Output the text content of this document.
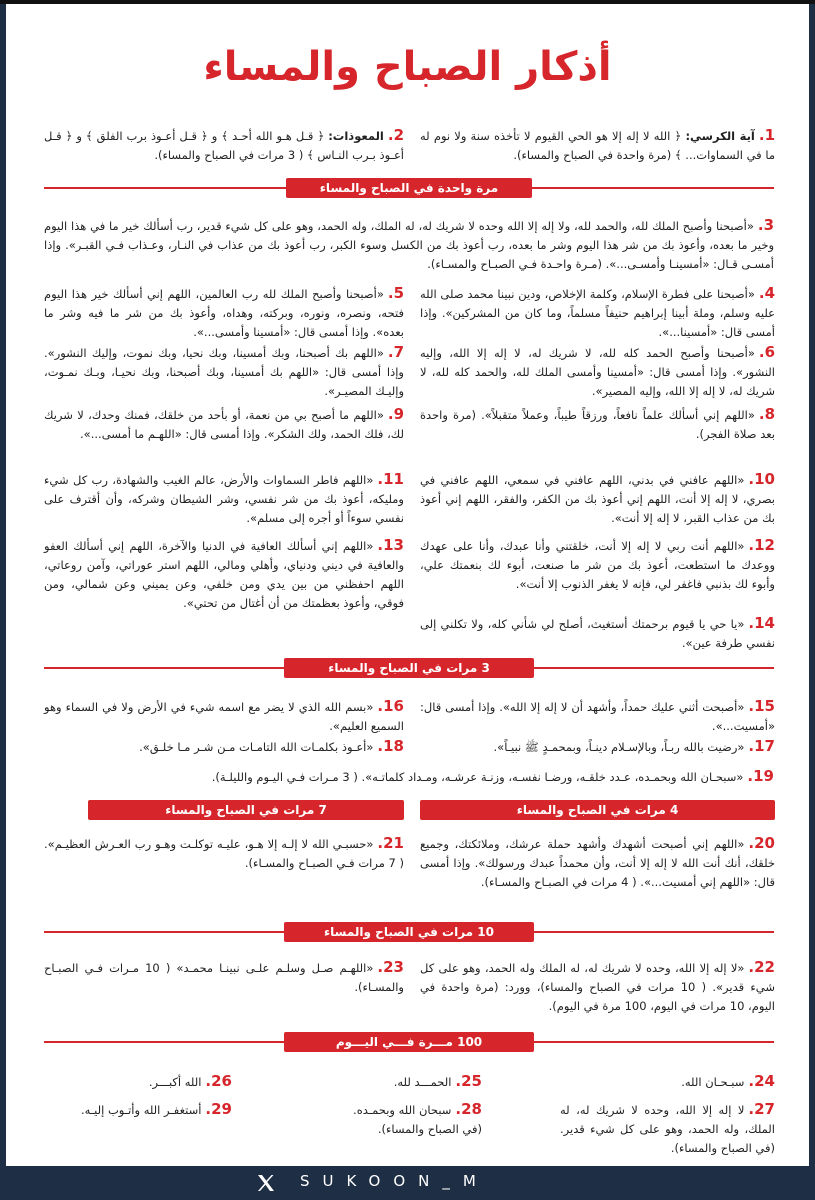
أذكار الصباح والمساء
1.آية الكرسي: ﴿ الله لا إله إلا هو الحي القيوم لا تأخذه سنة ولا نوم له ما في السماوات... ﴾ (مرة واحدة في الصباح والمساء).
2.المعوذات: ﴿ قـل هـو الله أحـد ﴾ و ﴿ قـل أعـوذ برب الفلق ﴾ و ﴿ قـل أعـوذ بـرب النـاس ﴾ ( 3 مرات في الصباح والمساء).
مرة واحدة في الصباح والمساء
3.«أصبحنا وأصبح الملك لله، والحمد لله، ولا إله إلا الله وحده لا شريك له، له الملك، وله الحمد، وهو على كل شيء قدير، رب أسألك خير ما في هذا اليوم وخير ما بعده، وأعوذ بك من شر هذا اليوم وشر ما بعده، رب أعوذ بك من الكسل وسوء الكبر، رب أعوذ بك من عذاب في النـار، وعـذاب فـي القبـر». وإذا أمسـى قـال: «أمسينـا وأمسـى...». (مـرة واحـدة فـي الصبـاح والمسـاء).
4.«أصبحنا على فطرة الإسلام، وكلمة الإخلاص، ودين نبينا محمد صلى الله عليه وسلم، وملة أبينا إبراهيم حنيفاً مسلماً، وما كان من المشركين». وإذا أمسى قال: «أمسينا...».
5.«أصبحنا وأصبح الملك لله رب العالمين، اللهم إني أسألك خير هذا اليوم فتحه، ونصره، ونوره، وبركته، وهداه، وأعوذ بك من شر ما فيه وشر ما بعده». وإذا أمسى قال: «أمسينا وأمسى...».
6.«أصبحنا وأصبح الحمد كله لله، لا شريك له، لا إله إلا الله، وإليه النشور». وإذا أمسى قال: «أمسينا وأمسى الملك لله، والحمد كله لله، لا شريك له، لا إله إلا الله، وإليه المصير».
7.«اللهم بك أصبحنا، وبك أمسينا، وبك نحيا، وبك نموت، وإليك النشور». وإذا أمسى قال: «اللهم بك أمسينا، وبك أصبحنا، وبك نحيـا، وبـك نمـوت، وإليـك المصيـر».
8.«اللهم إني أسألك علماً نافعاً، ورزقاً طيباً، وعملاً متقبلاً». (مرة واحدة بعد صلاة الفجر).
9.«اللهم ما أصبح بي من نعمة، أو بأحد من خلقك، فمنك وحدك، لا شريك لك، فلك الحمد، ولك الشكر». وإذا أمسى قال: «اللهـم ما أمسى...».
10.«اللهم عافني في بدني، اللهم عافني في سمعي، اللهم عافني في بصري، لا إله إلا أنت، اللهم إني أعوذ بك من الكفر، والفقر، اللهم إني أعوذ بك من عذاب القبر، لا إله إلا أنت».
11.«اللهم فاطر السماوات والأرض، عالم الغيب والشهادة، رب كل شيء ومليكه، أعوذ بك من شر نفسي، وشر الشيطان وشركه، وأن أقترف على نفسي سوءاً أو أجره إلى مسلم».
12.«اللهم أنت ربي لا إله إلا أنت، خلقتني وأنا عبدك، وأنا على عهدك ووعدك ما استطعت، أعوذ بك من شر ما صنعت، أبوء لك بنعمتك علي، وأبوء لك بذنبي فاغفر لي، فإنه لا يغفر الذنوب إلا أنت».
13.«اللهم إني أسألك العافية في الدنيا والآخرة، اللهم إني أسألك العفو والعافية في ديني ودنياي، وأهلي ومالي، اللهم استر عوراتي، وآمن روعاتي، اللهم احفظني من بين يدي ومن خلفي، وعن يميني وعن شمالي، ومن فوقي، وأعوذ بعظمتك من أن أغتال من تحتي».
14.«يا حي يا قيوم برحمتك أستغيث، أصلح لي شأني كله، ولا تكلني إلى نفسي طرفة عين».
3 مرات في الصباح والمساء
15.«أصبحت أثني عليك حمداً، وأشهد أن لا إله إلا الله». وإذا أمسى قال: «أمسيت...».
16.«بسم الله الذي لا يضر مع اسمه شيء في الأرض ولا في السماء وهو السميع العليم».
17.«رضيت بالله ربـاً، وبالإسـلام دينـاً، وبمحمـدٍ ﷺ نبيـاً».
18.«أعـوذ بكلمـات الله التامـات مـن شـر مـا خلـق».
19.«سبحـان الله وبحمـده، عـدد خلقـه، ورضـا نفسـه، وزنـة عرشـه، ومـداد كلماتـه». ( 3 مـرات فـي اليـوم والليلـة).
4 مرات في الصباح والمساء
7 مرات في الصباح والمساء
20.«اللهم إني أصبحت أشهدك وأشهد حملة عرشك، وملائكتك، وجميع خلقك، أنك أنت الله لا إله إلا أنت، وأن محمداً عبدك ورسولك». وإذا أمسى قال: «اللهم إني أمسيت...». ( 4 مرات في الصبـاح والمسـاء).
21.«حسبـي الله لا إلـه إلا هـو، عليـه توكلـت وهـو رب العـرش العظيـم». ( 7 مرات فـي الصبـاح والمسـاء).
10 مرات في الصباح والمساء
22.«لا إله إلا الله، وحده لا شريك له، له الملك وله الحمد، وهو على كل شيء قدير». ( 10 مرات في الصباح والمساء)، وورد: (مرة واحدة في اليوم، 10 مرات في اليوم، 100 مرة في اليوم).
23.«اللهـم صـل وسلـم علـى نبينـا محمـد» ( 10 مـرات فـي الصبـاح والمسـاء).
100 مـــرة فـــي اليـــوم
24.سبـحـان الله.
25.الحمـــد لله.
26.الله أكبـــر.
27.لا إله إلا الله، وحده لا شريك له، له الملك، وله الحمد، وهو على كل شيء قدير.(في الصباح والمساء).
28.سبحان الله وبحمـده.
(في الصباح والمساء).
29.أستغفـر الله وأتـوب إليـه.
SUKOON_M
